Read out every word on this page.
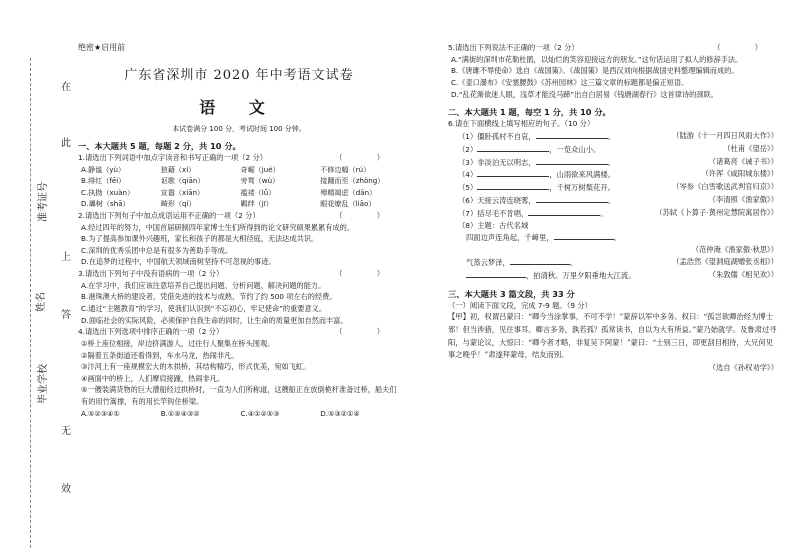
在
此
上
答
无
效
准考证号
姓名
毕业学校
绝密★启用前
广东省深圳市 2020 年中考语文试卷
语 文
本试卷满分 100 分，考试时间 100 分钟。
一、本大题共 5 题，每题 2 分，共 10 分。
1.请选出下列词语中加点字读音和书写正确的一项（2 分）	（ ）
A.静谧（yù）	狼藉（xí）	奇崛（jué）	不修边幅（rú）
B.绯红（fēi）	讴歌（qiān）	旁骛（wù）	接踵而至（zhǒng）
C.执拗（xuàn）	宣嚣（xiān）	褴褛（lǚ）	殚精竭虑（dān）
D.羼树（shā）	畸形（qí）	羁绊（jī）	眼花缭乱（liāo）
2.请选出下列句子中加点成语运用不正确的一项（2 分）	（ ）
A.经过四年的努力，中国首届研制四年家博士生们所得到的论文研究硕果累累有成的。
B.为了提高参加课外兴趣班，家长和孩子的都是大相径庭，无法达成共识。
C.深圳的优秀乐团中总是有很多为善助手等成。
D.在追梦的过程中，中国航天领域南树坚持不可忽视的事迹。
3.请选出下列句子中没有语病的一项（2 分）	（ ）
A.在学习中，我们应该注意培养自己提出问题、分析问题、解决问题的能力。
B.港珠澳大桥的建设者，凭借先进的技术与成熟，节约了约 500 项左右的经费。
C.通过“主题教育”的学习，使我们认识到“不忘初心，牢记使命”的重要意义。
D.面临社会的实际风险，必须保护自我生命的同时，让生命的质量更加自然而丰富。
4.请选出下列选项中排序正确的一项（2 分）	（ ）
①桥上座位相接，岸边挤满游人，过往行人聚集在桥头围观。
②隔着五条街道还看得到，车水马龙，热闹非凡。
③汴河上有一座规模宏大的木拱桥，其结构精巧，形式优美，宛如飞虹。
④画面中的桥上，人们摩肩接踵，热闹非凡。
⑤一艘装满货物的巨大漕船经过拱桥时，一直为人们所称道，这艘船正在放倒桅杆准备过桥，船夫们有的用竹篙撑，有的用长竿钩住桥梁。
A.⑤②③④①	B.①⑤④③②	C.④①②⑤③	D.⑤③②①④
5.请选出下列说法不正确的一项（2 分）	（ ）
A.“满街的深圳市花勒杜鹃，以灿烂的笑容迎接远方的朋友。”这句话运用了拟人的修辞手法。
B.《唐雎不辱使命》选自《战国策》。《战国策》是西汉刘向根据战国史料整理编辑而成的。
C.《壶口瀑布》《安塞腰鼓》《苏州园林》这三篇文章的标题都是偏正短语。
D.“乱花渐欲迷人眼，浅草才能没马蹄”出自白居易《钱塘湖春行》这首律诗的颈联。
二、本大题共 1 题，每空 1 分，共 10 分。
6.请在下面横线上填写相应的句子。（10 分）
（1）僵卧孤村不自哀，	。	（陆游《十一月四日风雨大作》）
（2）	，一览众山小。	（杜甫《望岳》）
（3）非淡泊无以明志，	。	（诸葛亮《诫子书》）
（4）	，山雨欲来风满楼。	（许浑《咸阳城东楼》）
（5）	，千树万树梨花开。	（岑参《白雪歌送武判官归京》）
（6）天接云涛连晓雾，	。	（李清照《渔家傲》）
（7）括尽毛不肯唱，	。	（苏轼《卜算子·黄州定慧院寓居作》）
（8）主题：古代名城
四面边声连角起，千嶂里，	。
（范仲淹《渔家傲·秋思》）
气蒸云梦泽，	。	（孟浩然《望洞庭湖赠张丞相》）
，拍清秋。万里夕阳垂地大江流。	（朱敦儒《相见欢》）
三、本大题共 3 篇文段，共 33 分
（一）阅读下面文段，完成 7-9 题。（9 分）
【甲】初，权谓吕蒙曰：“卿今当涂掌事，不可不学！”蒙辞以军中多务。权曰：“孤岂欲卿治经为博士邪！但当涉猎，见往事耳。卿言多务，孰若孤？孤常读书，自以为大有所益。”蒙乃始就学。及鲁肃过寻阳，与蒙论议，大惊曰：“卿今者才略，非复吴下阿蒙！”蒙曰：“士别三日，即更刮目相待，大兄何见事之晚乎！”肃遂拜蒙母，结友而别。
（选自《孙权劝学》）
